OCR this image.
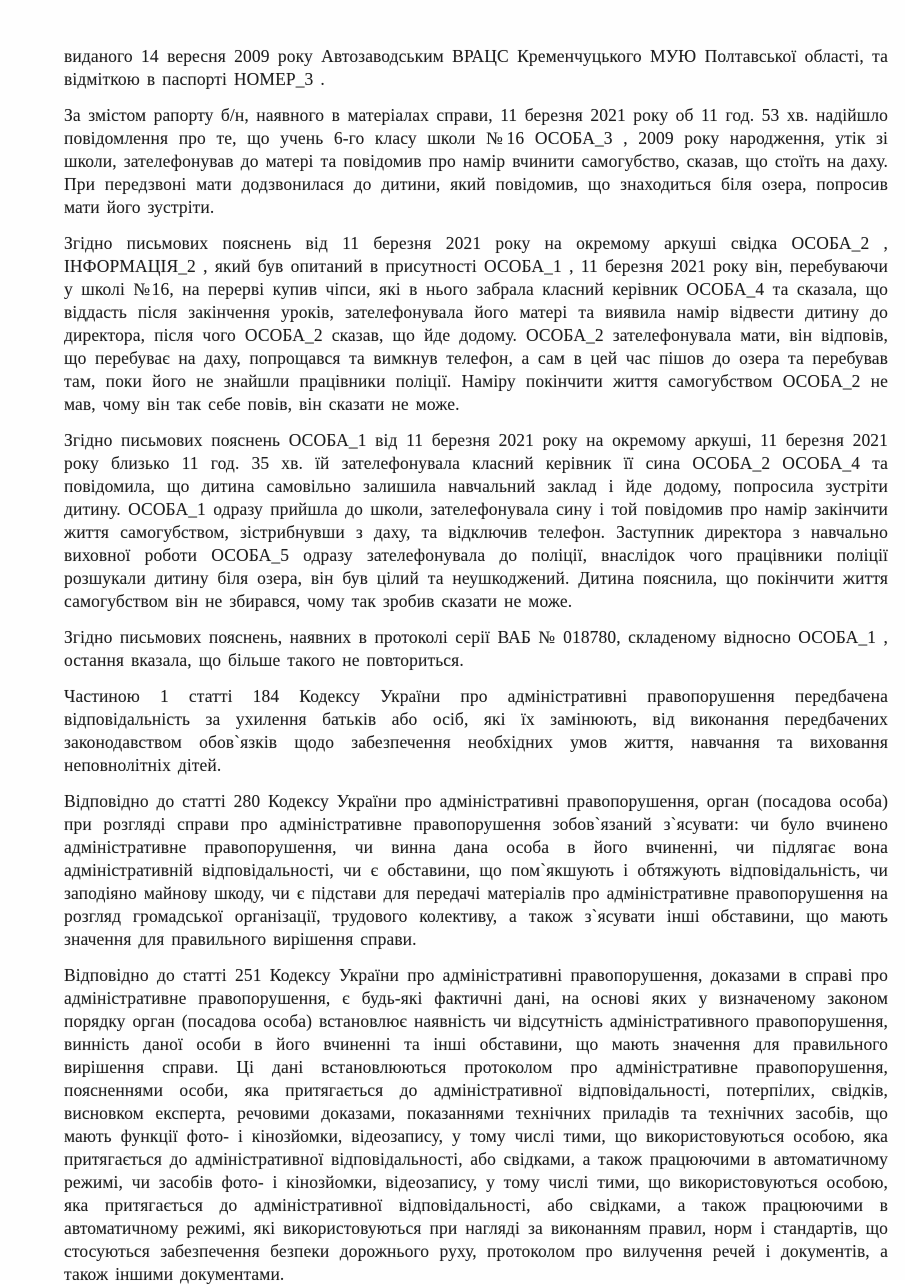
виданого 14 вересня 2009 року Автозаводським ВРАЦС Кременчуцького МУЮ Полтавської області, та відміткою в паспорті НОМЕР_3 .

За змістом рапорту б/н, наявного в матеріалах справи, 11 березня 2021 року об 11 год. 53 хв. надійшло повідомлення про те, що учень 6-го класу школи №16 ОСОБА_3 , 2009 року народження, утік зі школи, зателефонував до матері та повідомив про намір вчинити самогубство, сказав, що стоїть на даху. При передзвоні мати додзвонилася до дитини, який повідомив, що знаходиться біля озера, попросив мати його зустріти.

Згідно письмових пояснень від 11 березня 2021 року на окремому аркуші свідка ОСОБА_2 , ІНФОРМАЦІЯ_2 , який був опитаний в присутності ОСОБА_1 , 11 березня 2021 року він, перебуваючи у школі №16, на перерві купив чіпси, які в нього забрала класний керівник ОСОБА_4 та сказала, що віддасть після закінчення уроків, зателефонувала його матері та виявила намір відвести дитину до директора, після чого ОСОБА_2 сказав, що йде додому. ОСОБА_2 зателефонувала мати, він відповів, що перебуває на даху, попрощався та вимкнув телефон, а сам в цей час пішов до озера та перебував там, поки його не знайшли працівники поліції. Наміру покінчити життя самогубством ОСОБА_2 не мав, чому він так себе повів, він сказати не може.

Згідно письмових пояснень ОСОБА_1 від 11 березня 2021 року на окремому аркуші, 11 березня 2021 року близько 11 год. 35 хв. їй зателефонувала класний керівник її сина ОСОБА_2 ОСОБА_4 та повідомила, що дитина самовільно залишила навчальний заклад і йде додому, попросила зустріти дитину. ОСОБА_1 одразу прийшла до школи, зателефонувала сину і той повідомив про намір закінчити життя самогубством, зістрибнувши з даху, та відключив телефон. Заступник директора з навчально виховної роботи ОСОБА_5 одразу зателефонувала до поліції, внаслідок чого працівники поліції розшукали дитину біля озера, він був цілий та неушкоджений. Дитина пояснила, що покінчити життя самогубством він не збирався, чому так зробив сказати не може.

Згідно письмових пояснень, наявних в протоколі серії ВАБ № 018780, складеному відносно ОСОБА_1 , остання вказала, що більше такого не повториться.

Частиною 1 статті 184 Кодексу України про адміністративні правопорушення передбачена відповідальність за ухилення батьків або осіб, які їх замінюють, від виконання передбачених законодавством обов`язків щодо забезпечення необхідних умов життя, навчання та виховання неповнолітніх дітей.

Відповідно до статті 280 Кодексу України про адміністративні правопорушення, орган (посадова особа) при розгляді справи про адміністративне правопорушення зобов`язаний з`ясувати: чи було вчинено адміністративне правопорушення, чи винна дана особа в його вчиненні, чи підлягає вона адміністративній відповідальності, чи є обставини, що пом`якшують і обтяжують відповідальність, чи заподіяно майнову шкоду, чи є підстави для передачі матеріалів про адміністративне правопорушення на розгляд громадської організації, трудового колективу, а також з`ясувати інші обставини, що мають значення для правильного вирішення справи.

Відповідно до статті 251 Кодексу України про адміністративні правопорушення, доказами в справі про адміністративне правопорушення, є будь-які фактичні дані, на основі яких у визначеному законом порядку орган (посадова особа) встановлює наявність чи відсутність адміністративного правопорушення, винність даної особи в його вчиненні та інші обставини, що мають значення для правильного вирішення справи. Ці дані встановлюються протоколом про адміністративне правопорушення, поясненнями особи, яка притягається до адміністративної відповідальності, потерпілих, свідків, висновком експерта, речовими доказами, показаннями технічних приладів та технічних засобів, що мають функції фото- і кінозйомки, відеозапису, у тому числі тими, що використовуються особою, яка притягається до адміністративної відповідальності, або свідками, а також працюючими в автоматичному режимі, чи засобів фото- і кінозйомки, відеозапису, у тому числі тими, що використовуються особою, яка притягається до адміністративної відповідальності, або свідками, а також працюючими в автоматичному режимі, які використовуються при нагляді за виконанням правил, норм і стандартів, що стосуються забезпечення безпеки дорожнього руху, протоколом про вилучення речей і документів, а також іншими документами.
